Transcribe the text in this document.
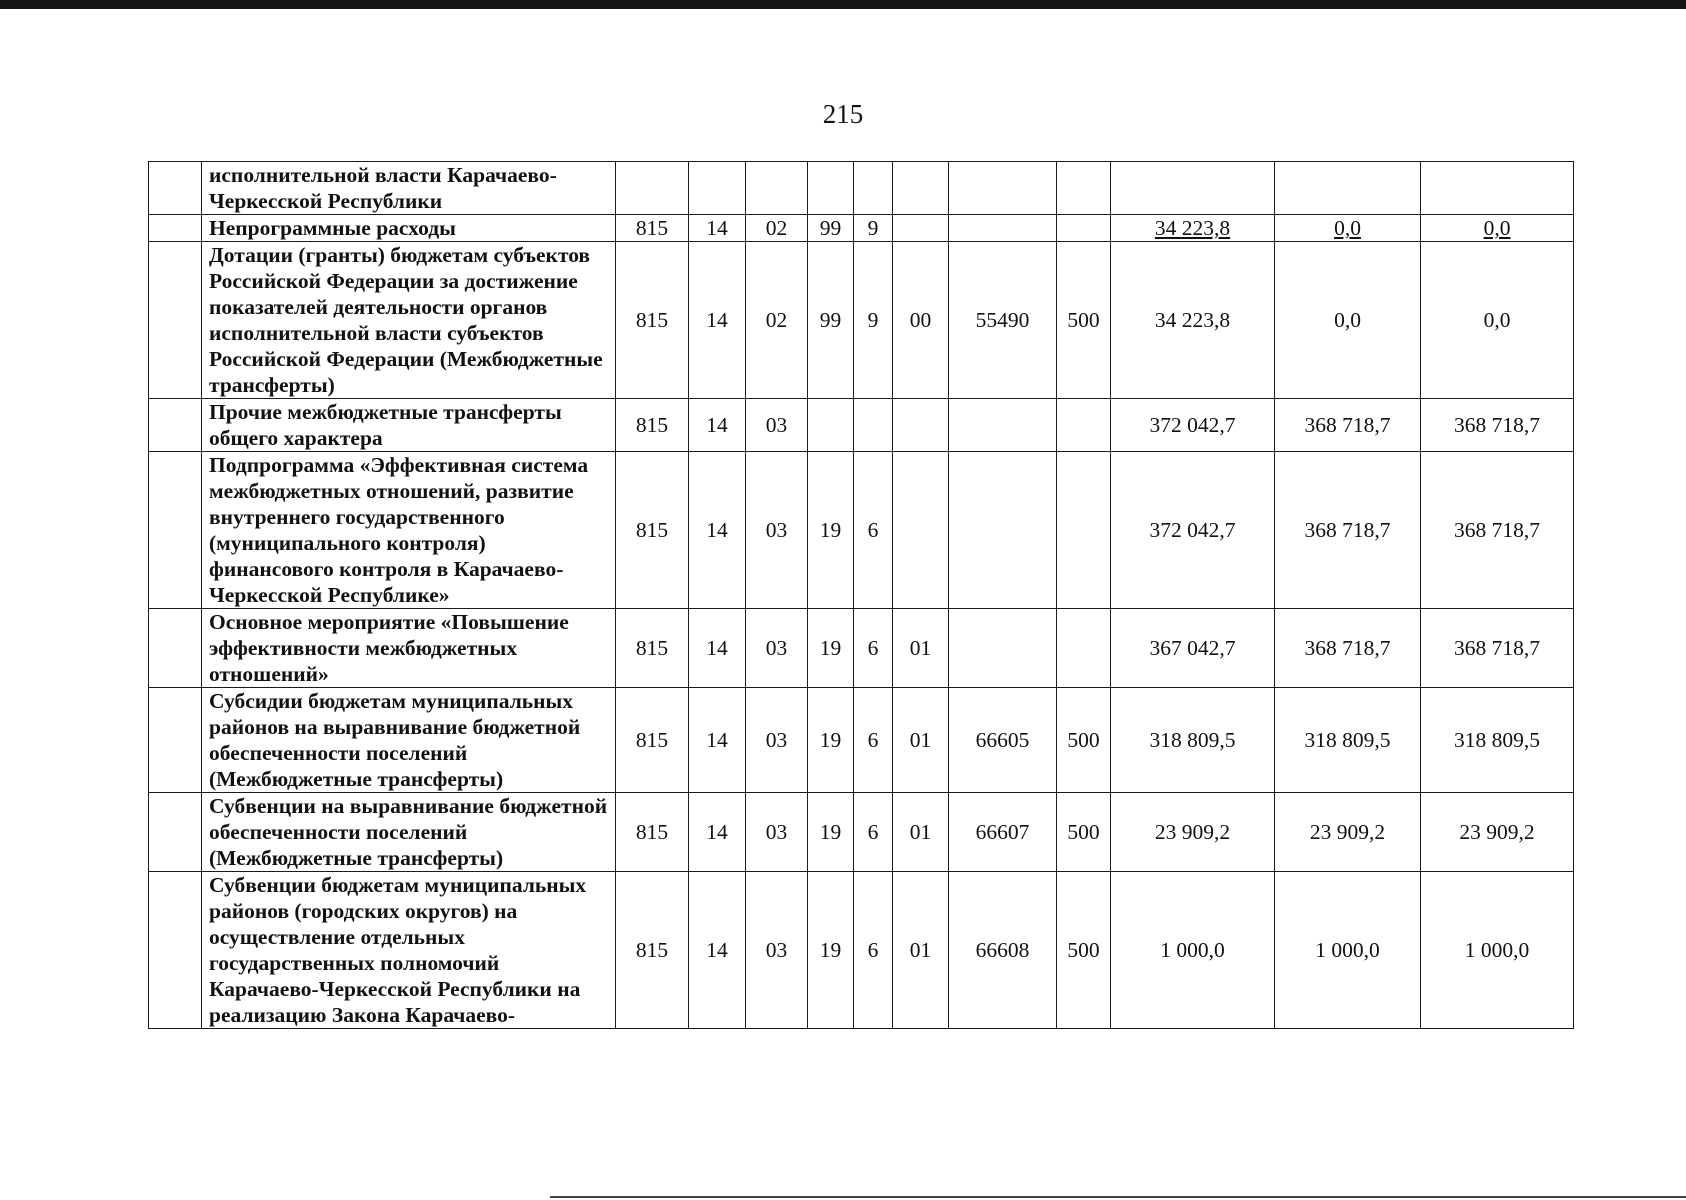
215
	исполнительной власти Карачаево-Черкесской Республики											
	Непрограммные расходы	815	14	02	99	9				34 223,8	0,0	0,0
	Дотации (гранты) бюджетам субъектов Российской Федерации за достижение показателей деятельности органов исполнительной власти субъектов Российской Федерации (Межбюджетные трансферты)	815	14	02	99	9	00	55490	500	34 223,8	0,0	0,0
	Прочие межбюджетные трансферты общего характера	815	14	03						372 042,7	368 718,7	368 718,7
	Подпрограмма «Эффективная система межбюджетных отношений, развитие внутреннего государственного (муниципального контроля) финансового контроля в Карачаево-Черкесской Республике»	815	14	03	19	6				372 042,7	368 718,7	368 718,7
	Основное мероприятие «Повышение эффективности межбюджетных отношений»	815	14	03	19	6	01			367 042,7	368 718,7	368 718,7
	Субсидии бюджетам муниципальных районов на выравнивание бюджетной обеспеченности поселений (Межбюджетные трансферты)	815	14	03	19	6	01	66605	500	318 809,5	318 809,5	318 809,5
	Субвенции на выравнивание бюджетной обеспеченности поселений (Межбюджетные трансферты)	815	14	03	19	6	01	66607	500	23 909,2	23 909,2	23 909,2
	Субвенции бюджетам муниципальных районов (городских округов) на осуществление отдельных государственных полномочий Карачаево-Черкесской Республики на реализацию Закона Карачаево-	815	14	03	19	6	01	66608	500	1 000,0	1 000,0	1 000,0
